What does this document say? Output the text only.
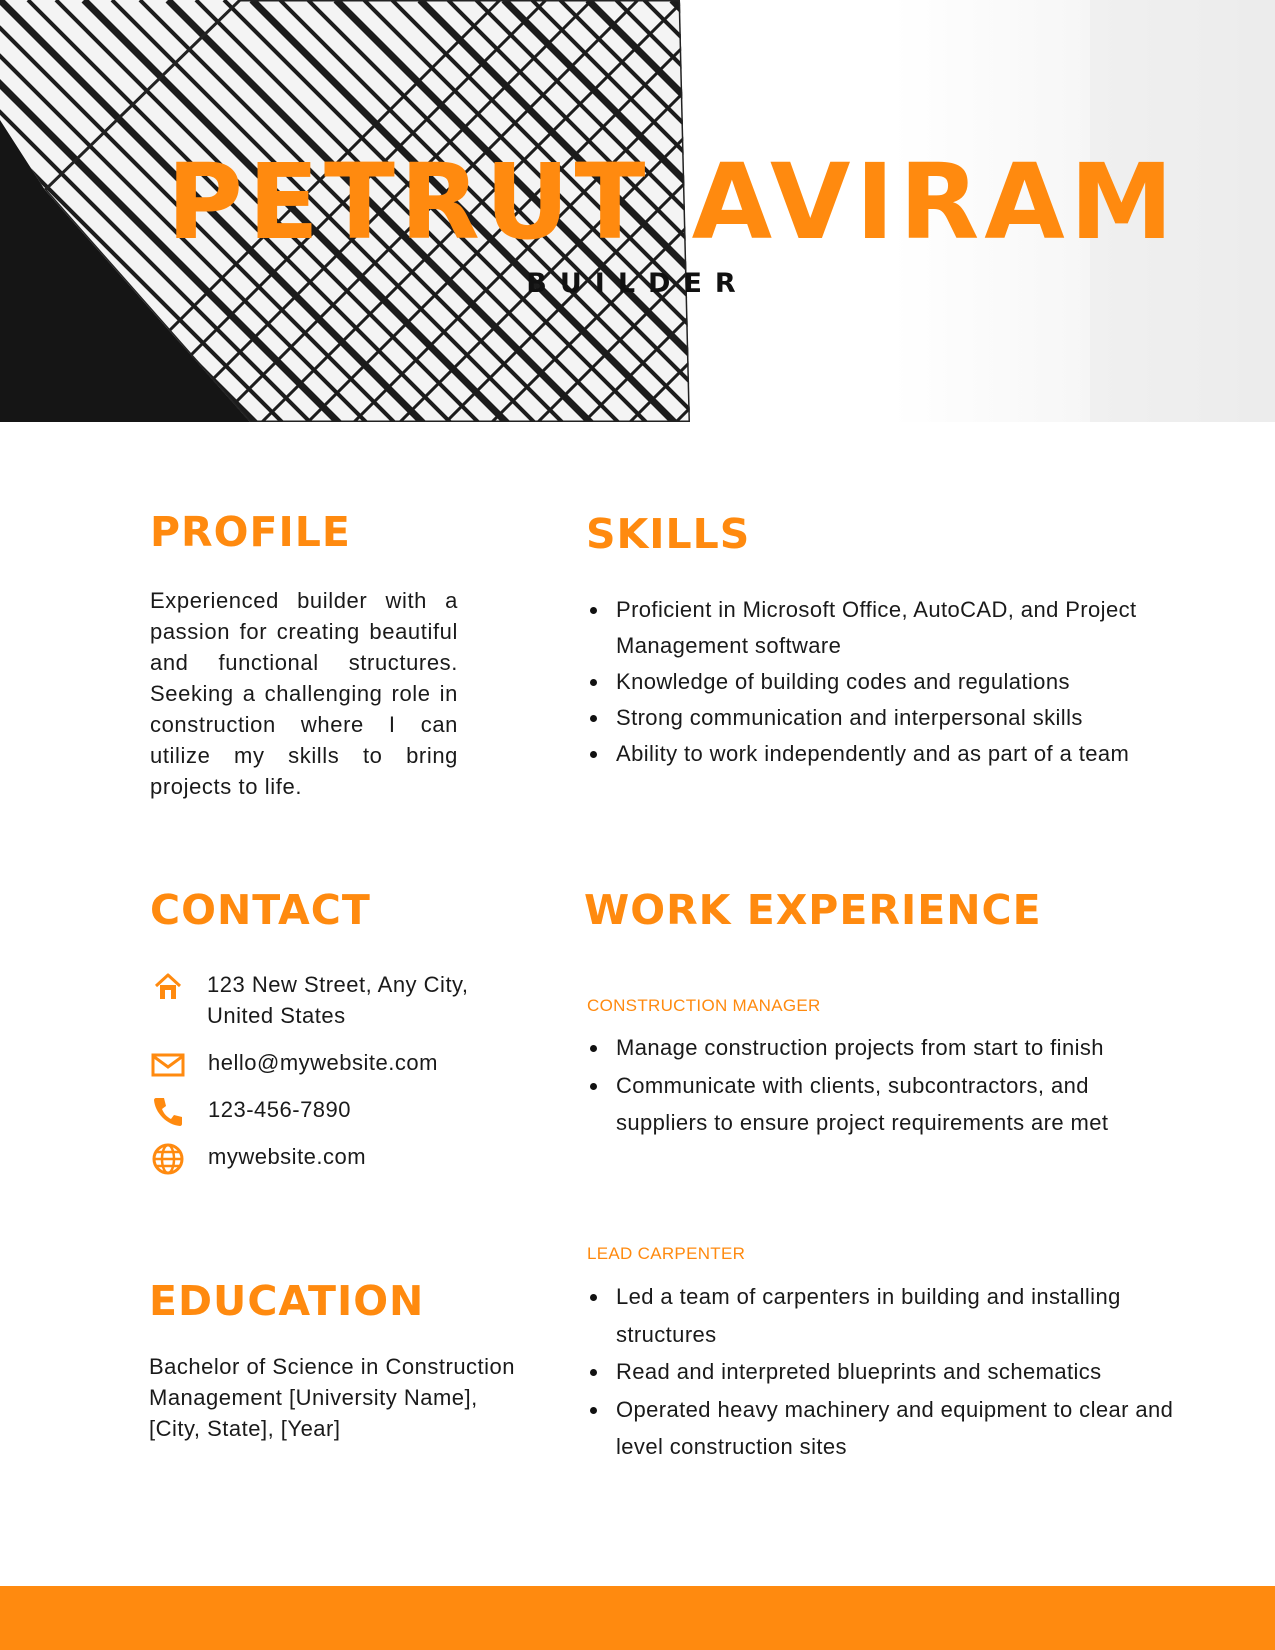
PETRUT AVIRAM
BUILDER
PROFILE

Experienced builder with a passion for creating beautiful and functional structures. Seeking a challenging role in construction where I can utilize my skills to bring projects to life.

SKILLS
Proficient in Microsoft Office, AutoCAD, and Project Management software
Knowledge of building codes and regulations
Strong communication and interpersonal skills
Ability to work independently and as part of a team
CONTACT
123 New Street, Any City, United States
hello@mywebsite.com
123-456-7890
mywebsite.com
EDUCATION

Bachelor of Science in Construction Management [University Name], [City, State], [Year]

WORK EXPERIENCE

CONSTRUCTION MANAGER

Manage construction projects from start to finish
Communicate with clients, subcontractors, and suppliers to ensure project requirements are met

LEAD CARPENTER

Led a team of carpenters in building and installing structures
Read and interpreted blueprints and schematics
Operated heavy machinery and equipment to clear and level construction sites
